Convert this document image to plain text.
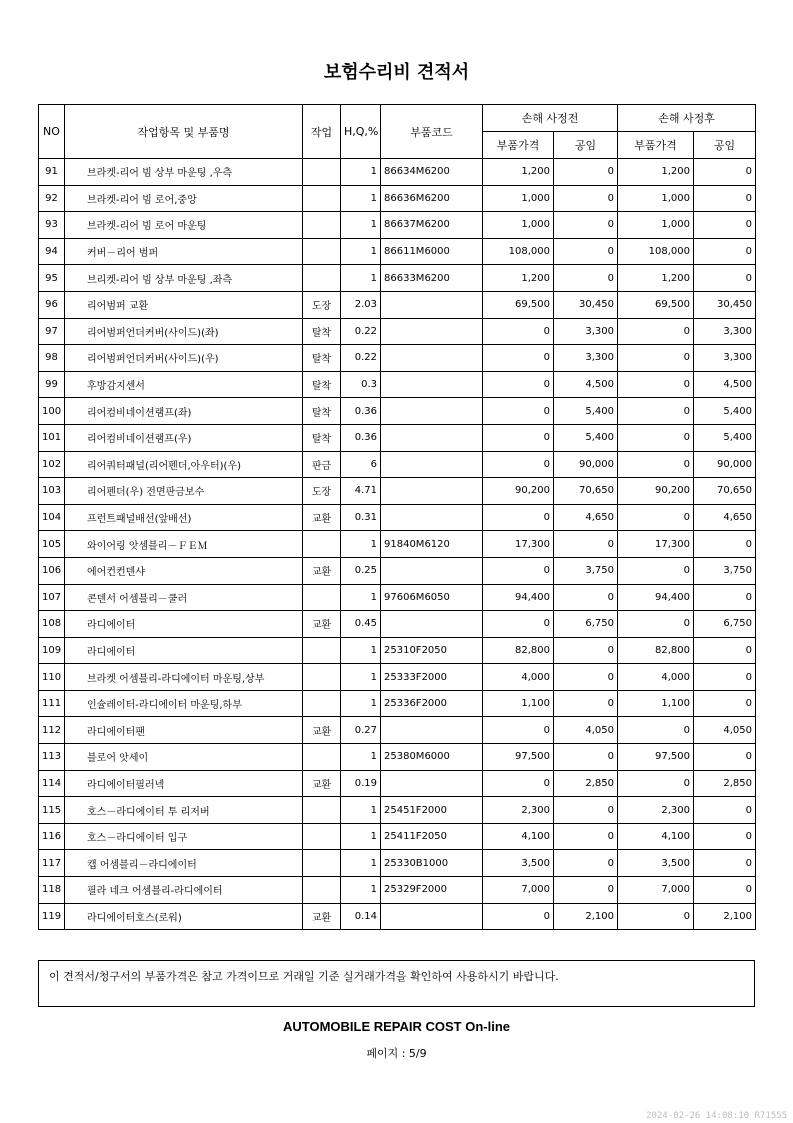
보험수리비 견적서
NO	작업항목 및 부품명	작업	H,Q,%	부품코드	손해 사정전		손해 사정후	
					부품가격	공임	부품가격	공임
91	브라켓-리어 빔 상부 마운팅 ,우측		1	86634M6200	1,200	0	1,200	0
92	브라켓-리어 빔 로어,중앙		1	86636M6200	1,000	0	1,000	0
93	브라켓-리어 빔 로어 마운팅		1	86637M6200	1,000	0	1,000	0
94	커버－리어 범퍼		1	86611M6000	108,000	0	108,000	0
95	브리켓-리어 빔 상부 마운팅 ,좌측		1	86633M6200	1,200	0	1,200	0
96	리어범퍼 교환	도장	2.03		69,500	30,450	69,500	30,450
97	리어범퍼언더커버(사이드)(좌)	탈착	0.22		0	3,300	0	3,300
98	리어범퍼언더커버(사이드)(우)	탈착	0.22		0	3,300	0	3,300
99	후방감지센서	탈착	0.3		0	4,500	0	4,500
100	리어컴비네이션램프(좌)	탈착	0.36		0	5,400	0	5,400
101	리어컴비네이션램프(우)	탈착	0.36		0	5,400	0	5,400
102	리어쿼터패널(리어펜더,아우터)(우)	판금	6		0	90,000	0	90,000
103	리어펜더(우) 전면판금보수	도장	4.71		90,200	70,650	90,200	70,650
104	프런트패널배선(앞배선)	교환	0.31		0	4,650	0	4,650
105	와이어링 앗셈블리－ＦＥＭ		1	91840M6120	17,300	0	17,300	0
106	에어컨컨덴샤	교환	0.25		0	3,750	0	3,750
107	콘덴서 어셈블리－쿨러		1	97606M6050	94,400	0	94,400	0
108	라디에이터	교환	0.45		0	6,750	0	6,750
109	라디에이터		1	25310F2050	82,800	0	82,800	0
110	브라켓 어셈블리-라디에이터 마운팅,상부		1	25333F2000	4,000	0	4,000	0
111	인슐레이터-라디에이터 마운팅,하부		1	25336F2000	1,100	0	1,100	0
112	라디에이터팬	교환	0.27		0	4,050	0	4,050
113	블로어 앗세이		1	25380M6000	97,500	0	97,500	0
114	라디에이터필러넥	교환	0.19		0	2,850	0	2,850
115	호스－라디에이터 투 리저버		1	25451F2000	2,300	0	2,300	0
116	호스－라디에이터 입구		1	25411F2050	4,100	0	4,100	0
117	캡 어셈블리－라디에이터		1	25330B1000	3,500	0	3,500	0
118	필라 네크 어셈블리-라디에이터		1	25329F2000	7,000	0	7,000	0
119	라디에이터호스(로워)	교환	0.14		0	2,100	0	2,100
이 견적서/청구서의 부품가격은 참고 가격이므로 거래일 기준 실거래가격을 확인하여 사용하시기 바랍니다.
AUTOMOBILE REPAIR COST On-line
페이지 : 5/9
2024-02-26 14:08:10 R71555
